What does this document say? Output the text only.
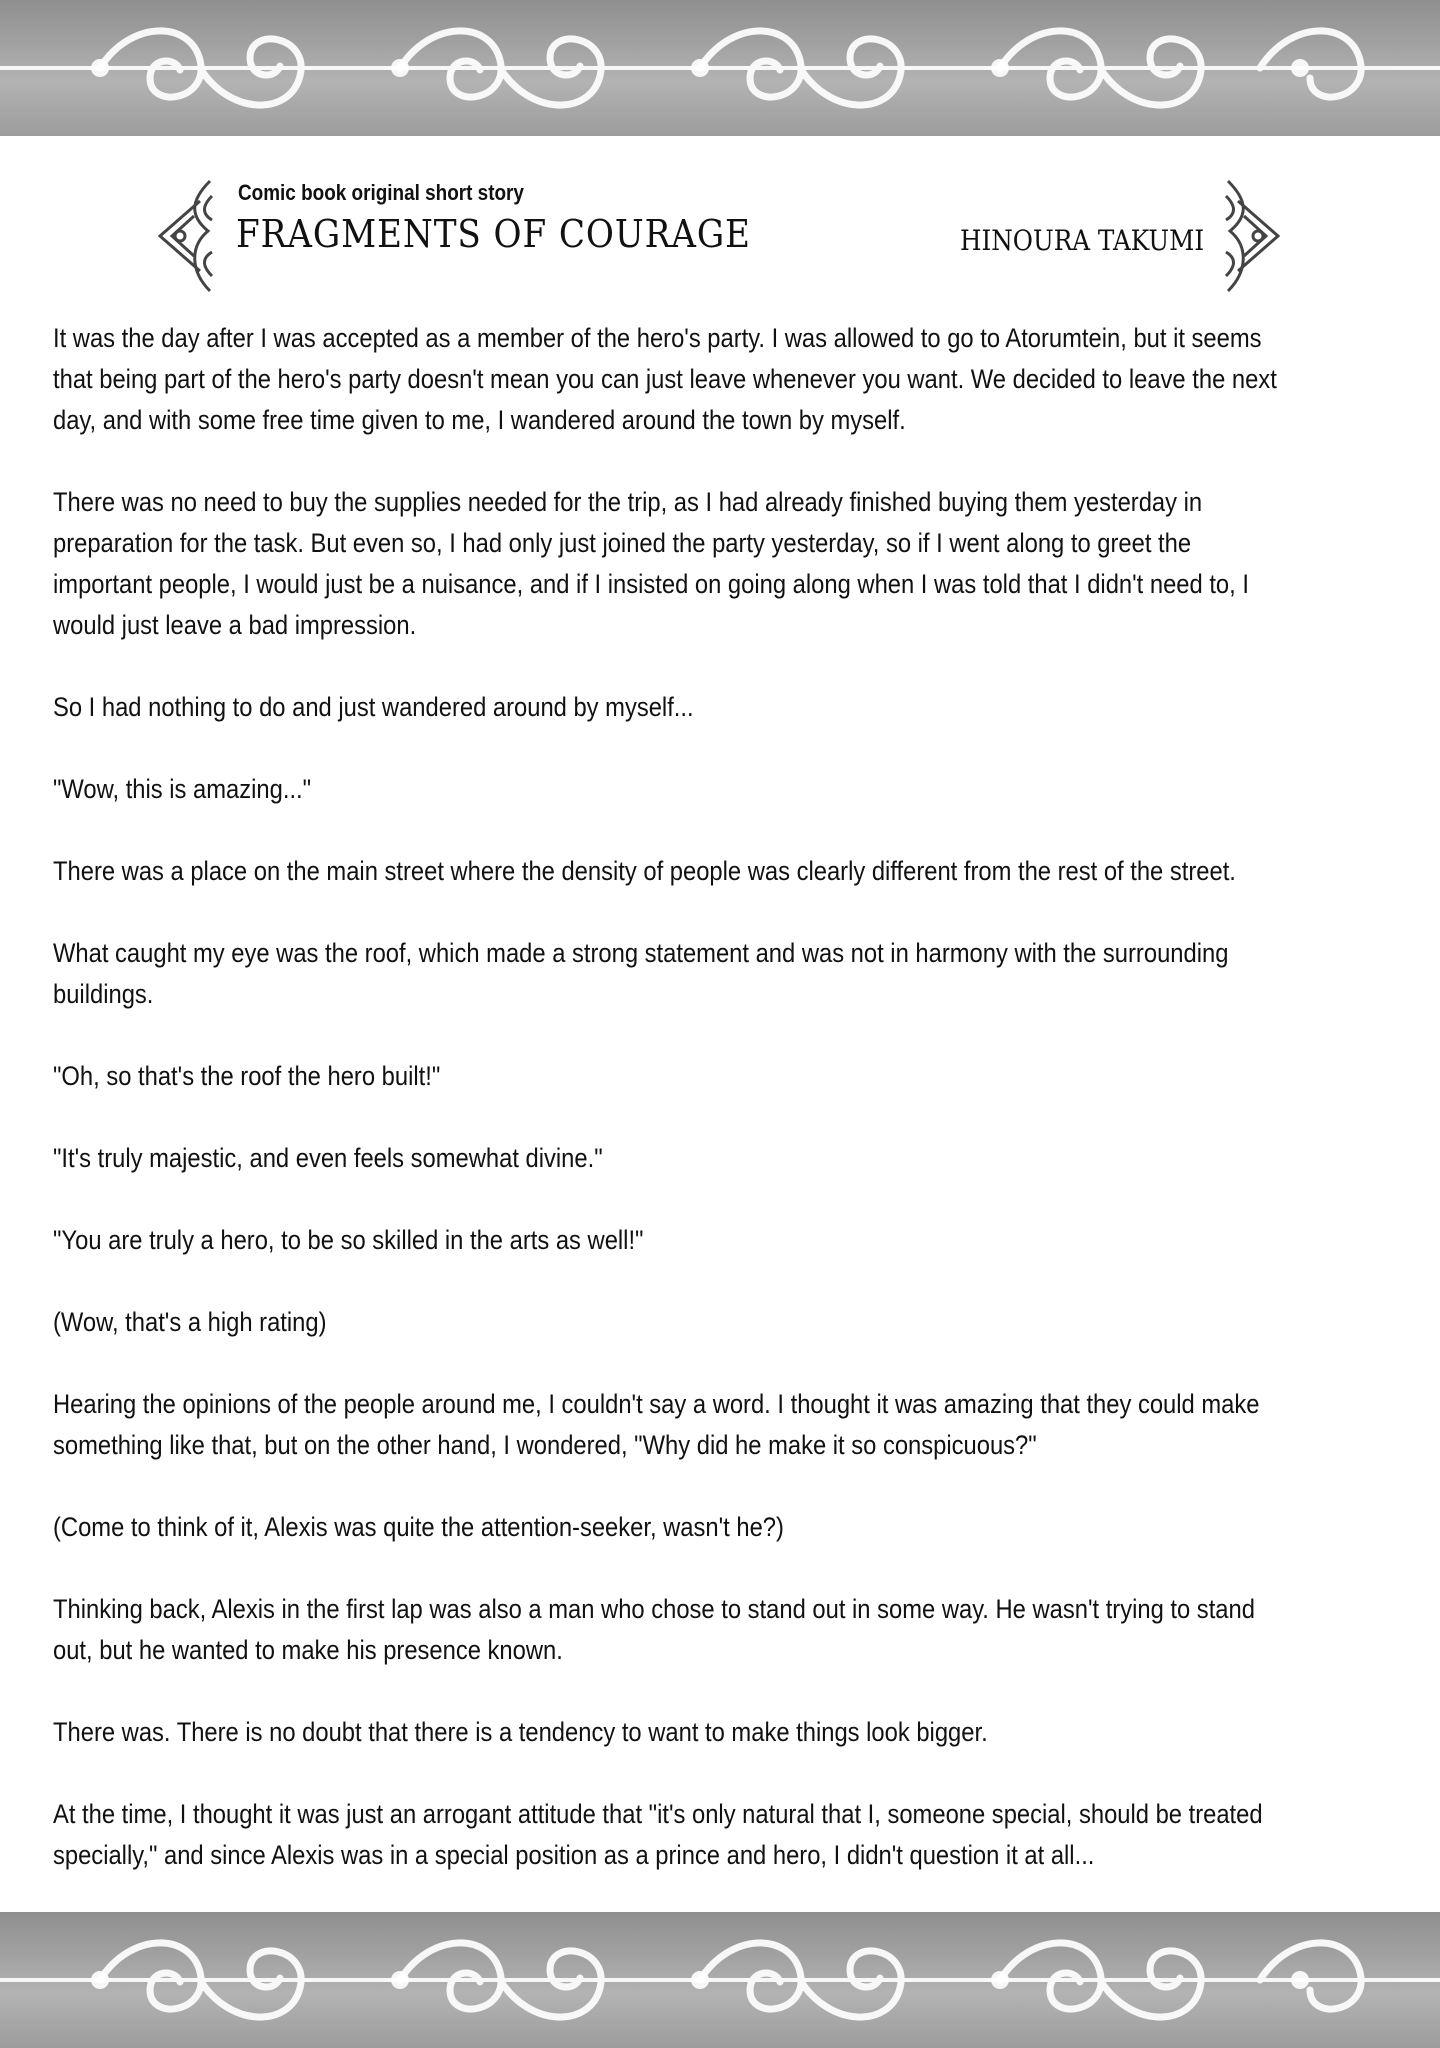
Comic book original short story
FRAGMENTS OF COURAGE	HINOURA TAKUMI

It was the day after I was accepted as a member of the hero's party. I was allowed to go to Atorumtein, but it seems that being part of the hero's party doesn't mean you can just leave whenever you want. We decided to leave the next day, and with some free time given to me, I wandered around the town by myself.

There was no need to buy the supplies needed for the trip, as I had already finished buying them yesterday in preparation for the task. But even so, I had only just joined the party yesterday, so if I went along to greet the important people, I would just be a nuisance, and if I insisted on going along when I was told that I didn't need to, I would just leave a bad impression.

So I had nothing to do and just wandered around by myself...

"Wow, this is amazing..."

There was a place on the main street where the density of people was clearly different from the rest of the street.

What caught my eye was the roof, which made a strong statement and was not in harmony with the surrounding buildings.

"Oh, so that's the roof the hero built!"

"It's truly majestic, and even feels somewhat divine."

"You are truly a hero, to be so skilled in the arts as well!"

(Wow, that's a high rating)

Hearing the opinions of the people around me, I couldn't say a word. I thought it was amazing that they could make something like that, but on the other hand, I wondered, "Why did he make it so conspicuous?"

(Come to think of it, Alexis was quite the attention-seeker, wasn't he?)

Thinking back, Alexis in the first lap was also a man who chose to stand out in some way. He wasn't trying to stand out, but he wanted to make his presence known.

There was. There is no doubt that there is a tendency to want to make things look bigger.

At the time, I thought it was just an arrogant attitude that "it's only natural that I, someone special, should be treated specially," and since Alexis was in a special position as a prince and hero, I didn't question it at all...
